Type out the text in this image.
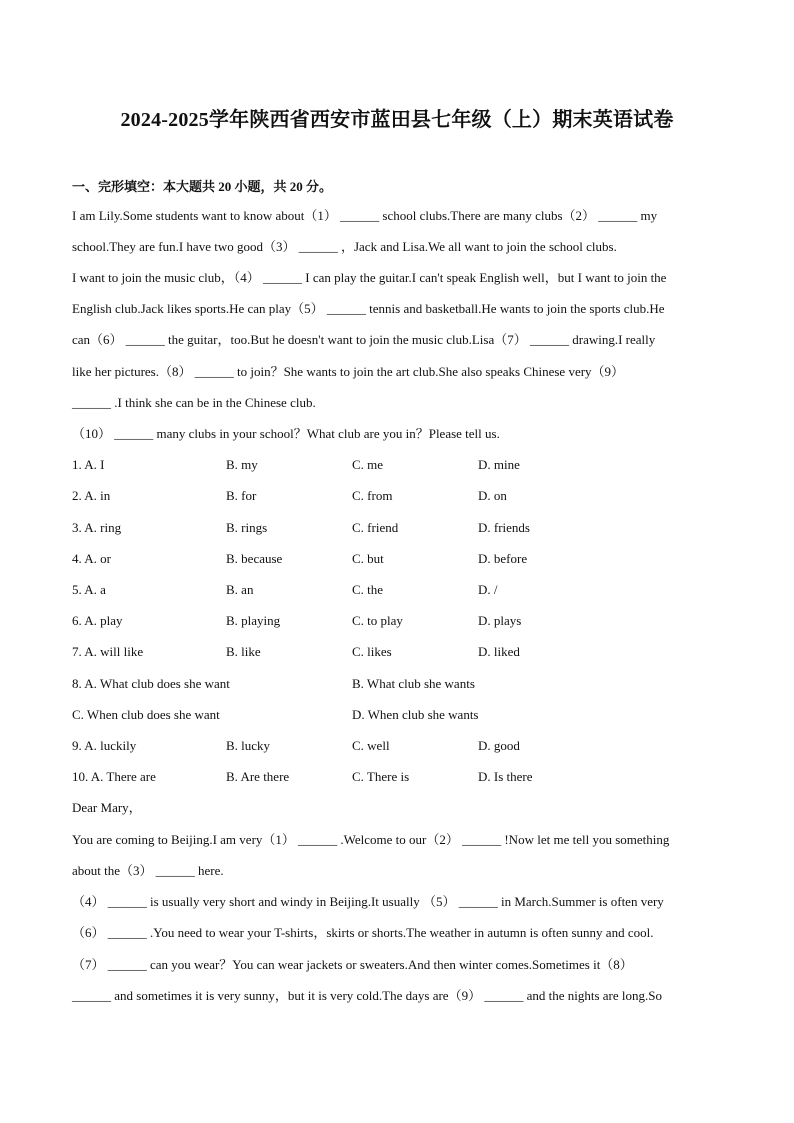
2024-2025学年陕西省西安市蓝田县七年级（上）期末英语试卷
一、完形填空：本大题共 20 小题，共 20 分。
I am Lily.Some students want to know about（1） ______ school clubs.There are many clubs（2） ______ my
school.They are fun.I have two good（3） ______ ，Jack and Lisa.We all want to join the school clubs.
I want to join the music club，（4） ______ I can play the guitar.I can't speak English well，but I want to join the
English club.Jack likes sports.He can play（5） ______ tennis and basketball.He wants to join the sports club.He
can（6） ______ the guitar，too.But he doesn't want to join the music club.Lisa（7） ______ drawing.I really
like her pictures.（8） ______ to join？She wants to join the art club.She also speaks Chinese very（9）
______ .I think she can be in the Chinese club.
（10） ______ many clubs in your school？What club are you in？Please tell us.
1. A. I	B. my	C. me	D. mine
2. A. in	B. for	C. from	D. on
3. A. ring	B. rings	C. friend	D. friends
4. A. or	B. because	C. but	D. before
5. A. a	B. an	C. the	D. /
6. A. play	B. playing	C. to play	D. plays
7. A. will like	B. like	C. likes	D. liked
8. A. What club does she want	B. What club she wants
C. When club does she want	D. When club she wants
9. A. luckily	B. lucky	C. well	D. good
10. A. There are	B. Are there	C. There is	D. Is there
Dear Mary，
You are coming to Beijing.I am very（1） ______ .Welcome to our（2） ______ !Now let me tell you something
about the（3） ______ here.
（4） ______ is usually very short and windy in Beijing.It usually （5） ______ in March.Summer is often very
（6） ______ .You need to wear your T-shirts，skirts or shorts.The weather in autumn is often sunny and cool.
（7） ______ can you wear？You can wear jackets or sweaters.And then winter comes.Sometimes it（8）
______ and sometimes it is very sunny，but it is very cold.The days are（9） ______ and the nights are long.So
